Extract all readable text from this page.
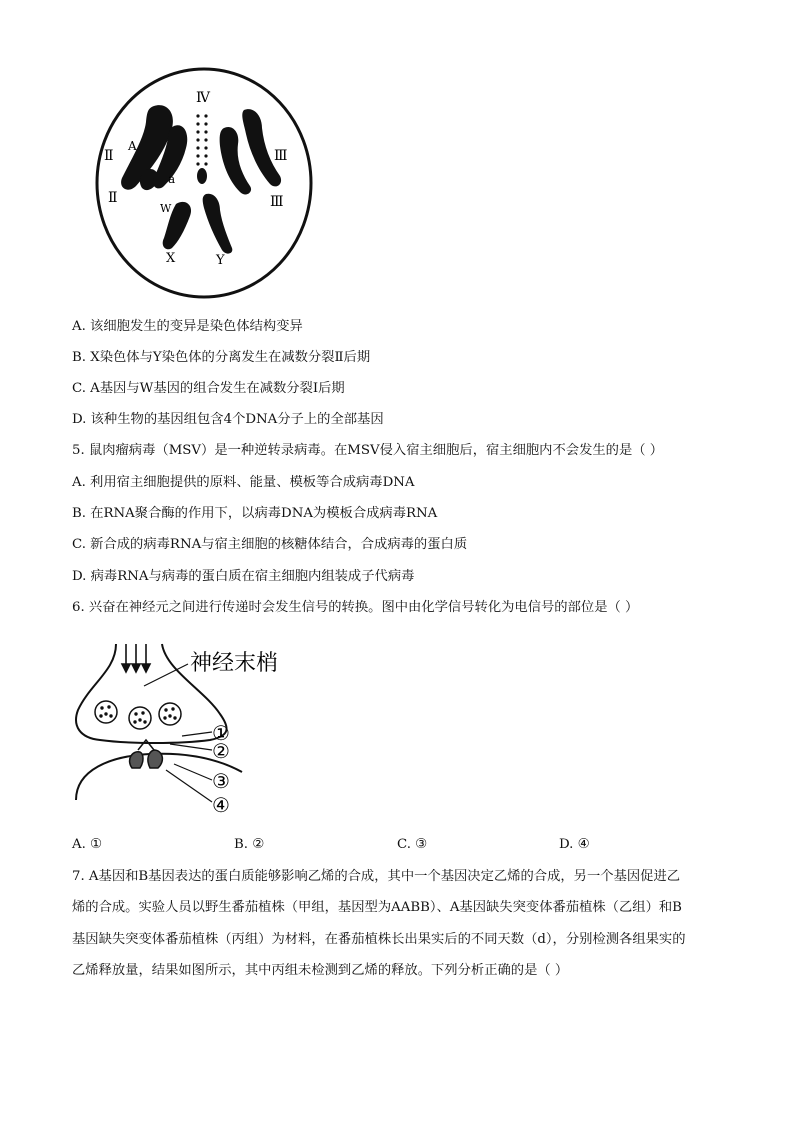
Ⅳ
Ⅱ
Ⅱ
Ⅲ
Ⅲ
A
a
W
X	Y
A. 该细胞发生的变异是染色体结构变异
B. X染色体与Y染色体的分离发生在减数分裂Ⅱ后期
C. A基因与W基因的组合发生在减数分裂Ⅰ后期
D. 该种生物的基因组包含4个DNA分子上的全部基因
5. 鼠肉瘤病毒（MSV）是一种逆转录病毒。在MSV侵入宿主细胞后，宿主细胞内不会发生的是（ ）
A. 利用宿主细胞提供的原料、能量、模板等合成病毒DNA
B. 在RNA聚合酶的作用下，以病毒DNA为模板合成病毒RNA
C. 新合成的病毒RNA与宿主细胞的核糖体结合，合成病毒的蛋白质
D. 病毒RNA与病毒的蛋白质在宿主细胞内组装成子代病毒
6. 兴奋在神经元之间进行传递时会发生信号的转换。图中由化学信号转化为电信号的部位是（ ）
神经末梢
①
②
③
④
A. ①	B. ②	C. ③	D. ④
7. A基因和B基因表达的蛋白质能够影响乙烯的合成，其中一个基因决定乙烯的合成，另一个基因促进乙
烯的合成。实验人员以野生番茄植株（甲组，基因型为AABB）、A基因缺失突变体番茄植株（乙组）和B
基因缺失突变体番茄植株（丙组）为材料，在番茄植株长出果实后的不同天数（d），分别检测各组果实的
乙烯释放量，结果如图所示，其中丙组未检测到乙烯的释放。下列分析正确的是（ ）
